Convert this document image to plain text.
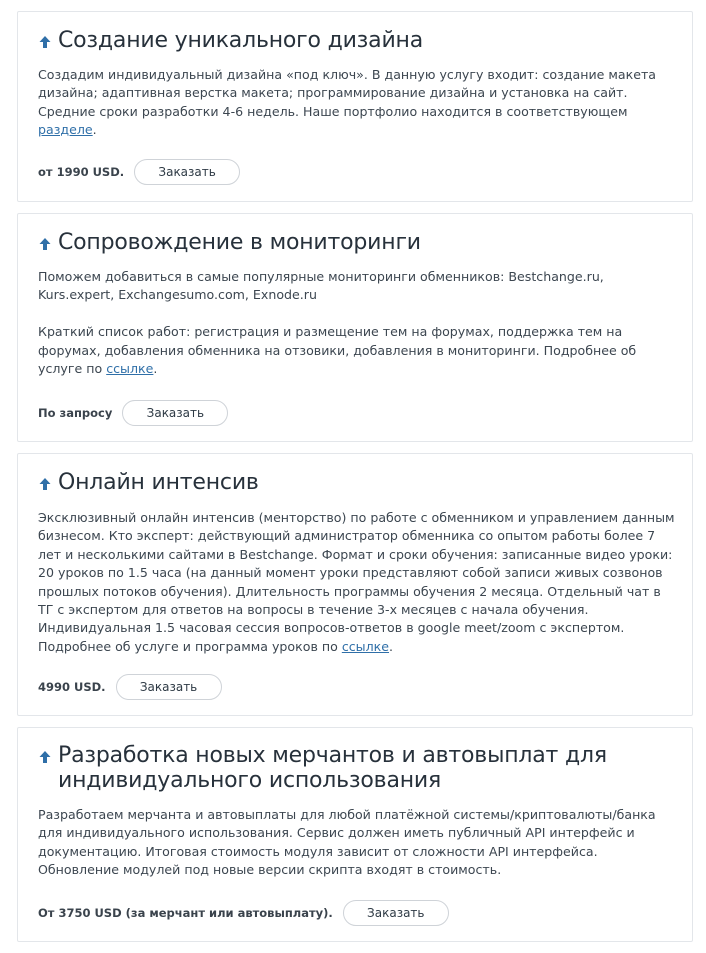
Создание уникального дизайна

Создадим индивидуальный дизайна «под ключ». В данную услугу входит: создание макета дизайна; адаптивная верстка макета; программирование дизайна и установка на сайт. Средние сроки разработки 4-6 недель. Наше портфолио находится в соответствующем разделе.

от 1990 USD.	Заказать
Сопровождение в мониторинги

Поможем добавиться в самые популярные мониторинги обменников: Bestchange.ru, Kurs.expert, Exchangesumo.com, Exnode.ru

Краткий список работ: регистрация и размещение тем на форумах, поддержка тем на форумах, добавления обменника на отзовики, добавления в мониторинги. Подробнее об услуге по ссылке.

По запросу	Заказать
Онлайн интенсив

Эксклюзивный онлайн интенсив (менторство) по работе с обменником и управлением данным бизнесом. Кто эксперт: действующий администратор обменника со опытом работы более 7 лет и несколькими сайтами в Bestchange. Формат и сроки обучения: записанные видео уроки: 20 уроков по 1.5 часа (на данный момент уроки представляют собой записи живых созвонов прошлых потоков обучения). Длительность программы обучения 2 месяца. Отдельный чат в ТГ с экспертом для ответов на вопросы в течение 3-х месяцев с начала обучения. Индивидуальная 1.5 часовая сессия вопросов-ответов в google meet/zoom с экспертом. Подробнее об услуге и программа уроков по ссылке.

4990 USD.	Заказать
Разработка новых мерчантов и автовыплат для индивидуального использования

Разработаем мерчанта и автовыплаты для любой платёжной системы/криптовалюты/банка для индивидуального использования. Сервис должен иметь публичный API интерфейс и документацию. Итоговая стоимость модуля зависит от сложности API интерфейса. Обновление модулей под новые версии скрипта входят в стоимость.

От 3750 USD (за мерчант или автовыплату).	Заказать
